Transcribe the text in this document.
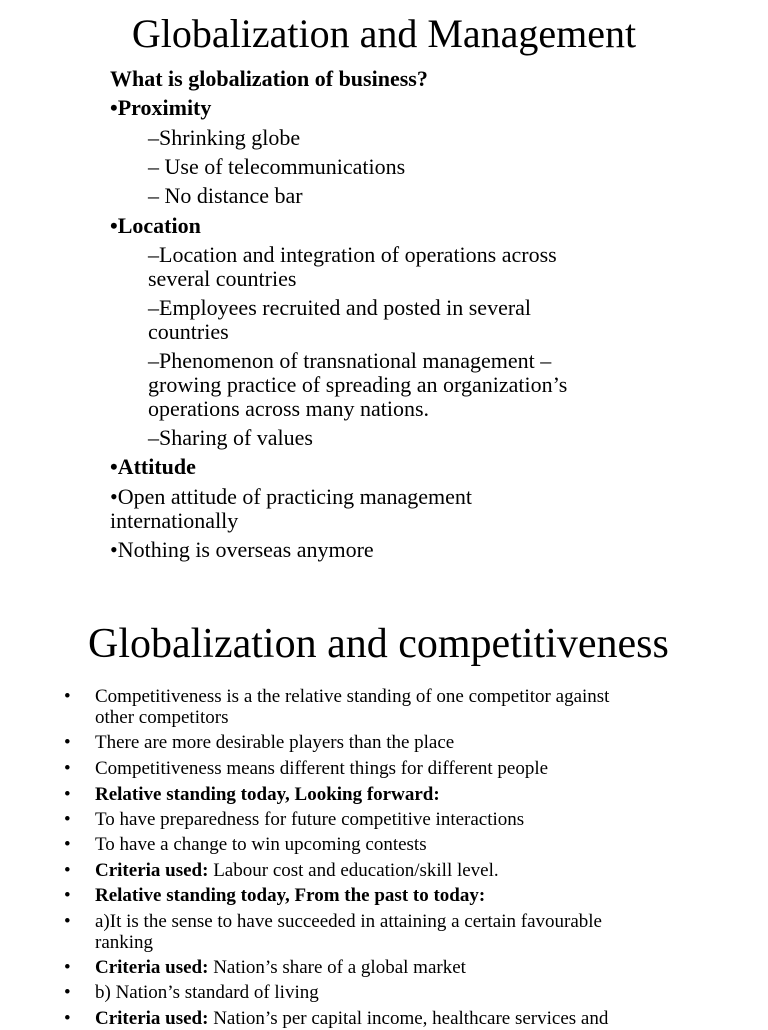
Globalization and Management
What is globalization of business?
•Proximity
–Shrinking globe
– Use of telecommunications
– No distance bar
•Location
–Location and integration of operations across
several countries
–Employees recruited and posted in several
countries
–Phenomenon of transnational management –
growing practice of spreading an organization’s
operations across many nations.
–Sharing of values
•Attitude
•Open attitude of practicing management
internationally
•Nothing is overseas anymore
Globalization and competitiveness
• Competitiveness is a the relative standing of one competitor against
other competitors
• There are more desirable players than the place
• Competitiveness means different things for different people
• Relative standing today, Looking forward:
• To have preparedness for future competitive interactions
• To have a change to win upcoming contests
• Criteria used: Labour cost and education/skill level.
• Relative standing today, From the past to today:
• a)It is the sense to have succeeded in attaining a certain favourable
ranking
• Criteria used: Nation’s share of a global market
• b) Nation’s standard of living
• Criteria used: Nation’s per capital income, healthcare services and
